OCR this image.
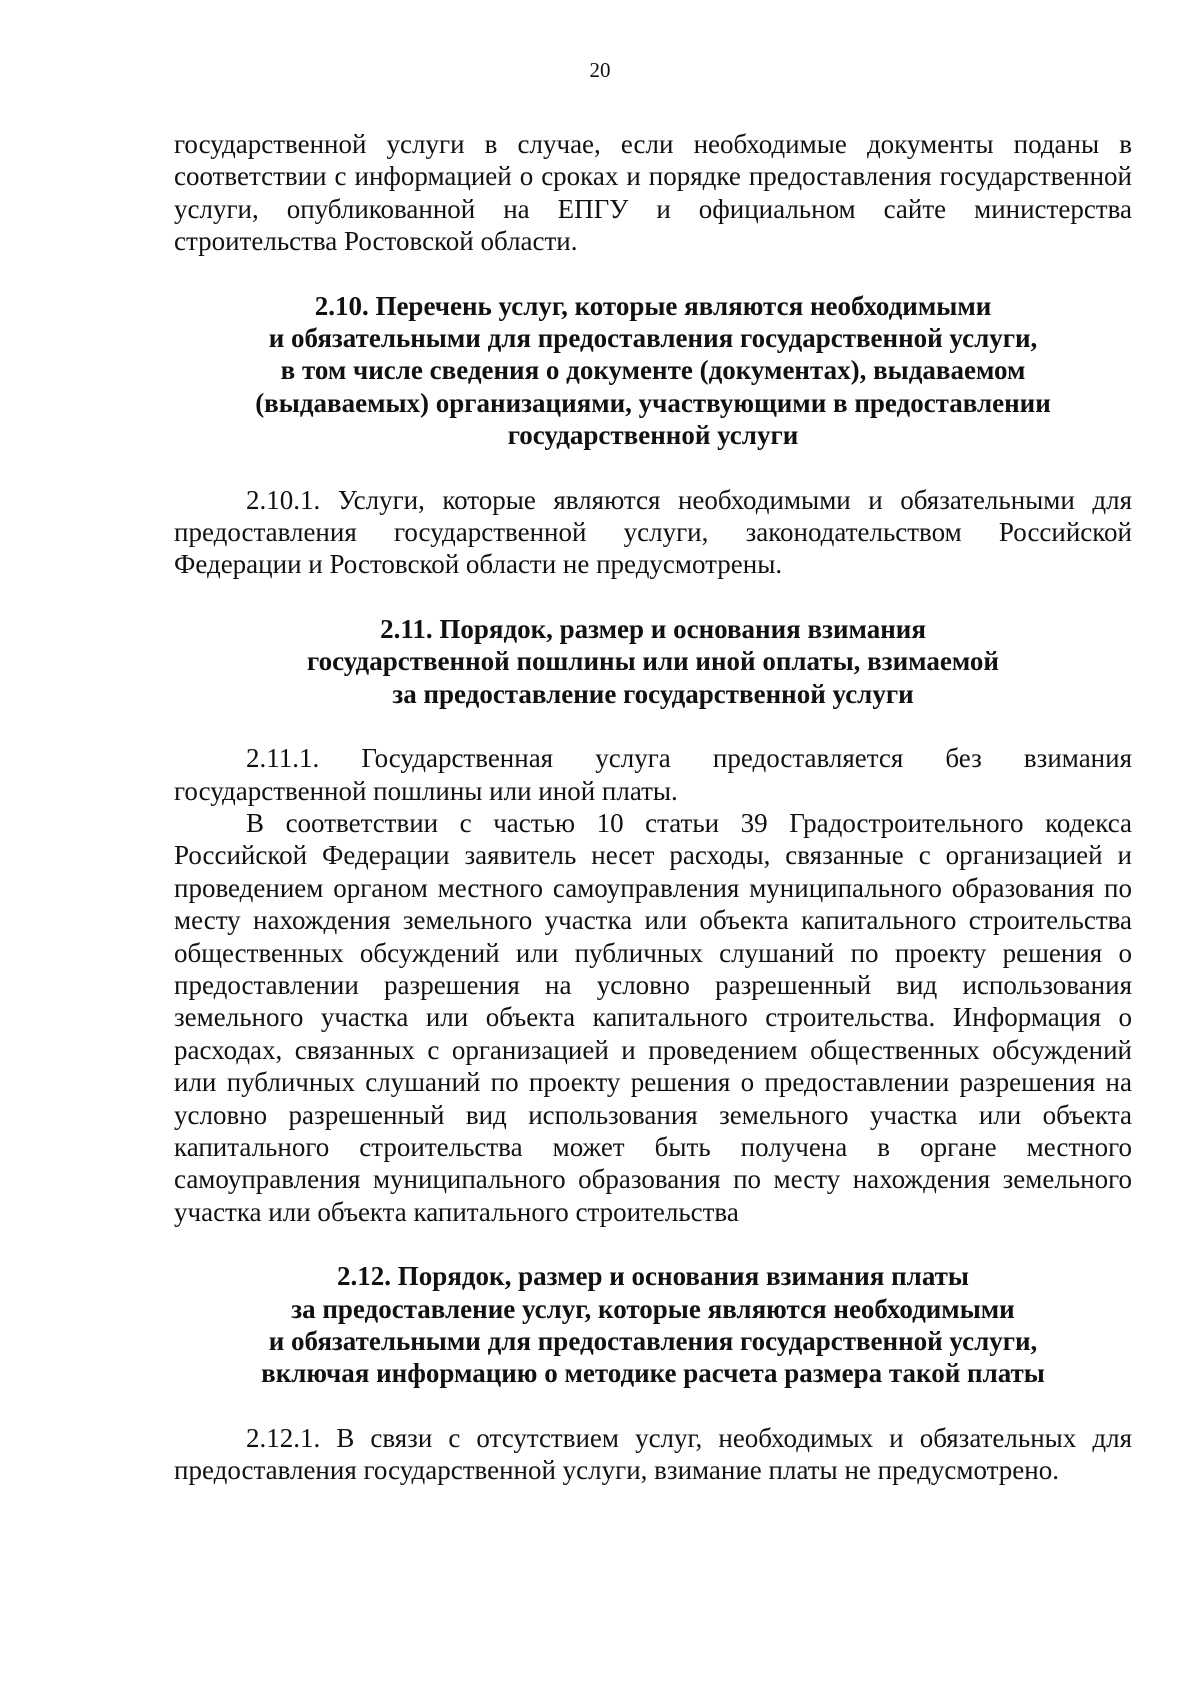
20

государственной услуги в случае, если необходимые документы поданы в соответствии с информацией о сроках и порядке предоставления государственной услуги, опубликованной на ЕПГУ и официальном сайте министерства строительства Ростовской области.

2.10. Перечень услуг, которые являются необходимыми
и обязательными для предоставления государственной услуги,
в том числе сведения о документе (документах), выдаваемом
(выдаваемых) организациями, участвующими в предоставлении
государственной услуги

2.10.1. Услуги, которые являются необходимыми и обязательными для предоставления государственной услуги, законодательством Российской Федерации и Ростовской области не предусмотрены.

2.11. Порядок, размер и основания взимания
государственной пошлины или иной оплаты, взимаемой
за предоставление государственной услуги

2.11.1. Государственная услуга предоставляется без взимания государственной пошлины или иной платы.

В соответствии с частью 10 статьи 39 Градостроительного кодекса Российской Федерации заявитель несет расходы, связанные с организацией и проведением органом местного самоуправления муниципального образования по месту нахождения земельного участка или объекта капитального строительства общественных обсуждений или публичных слушаний по проекту решения о предоставлении разрешения на условно разрешенный вид использования земельного участка или объекта капитального строительства. Информация о расходах, связанных с организацией и проведением общественных обсуждений или публичных слушаний по проекту решения о предоставлении разрешения на условно разрешенный вид использования земельного участка или объекта капитального строительства может быть получена в органе местного самоуправления муниципального образования по месту нахождения земельного участка или объекта капитального строительства

2.12. Порядок, размер и основания взимания платы
за предоставление услуг, которые являются необходимыми
и обязательными для предоставления государственной услуги,
включая информацию о методике расчета размера такой платы

2.12.1. В связи с отсутствием услуг, необходимых и обязательных для предоставления государственной услуги, взимание платы не предусмотрено.
